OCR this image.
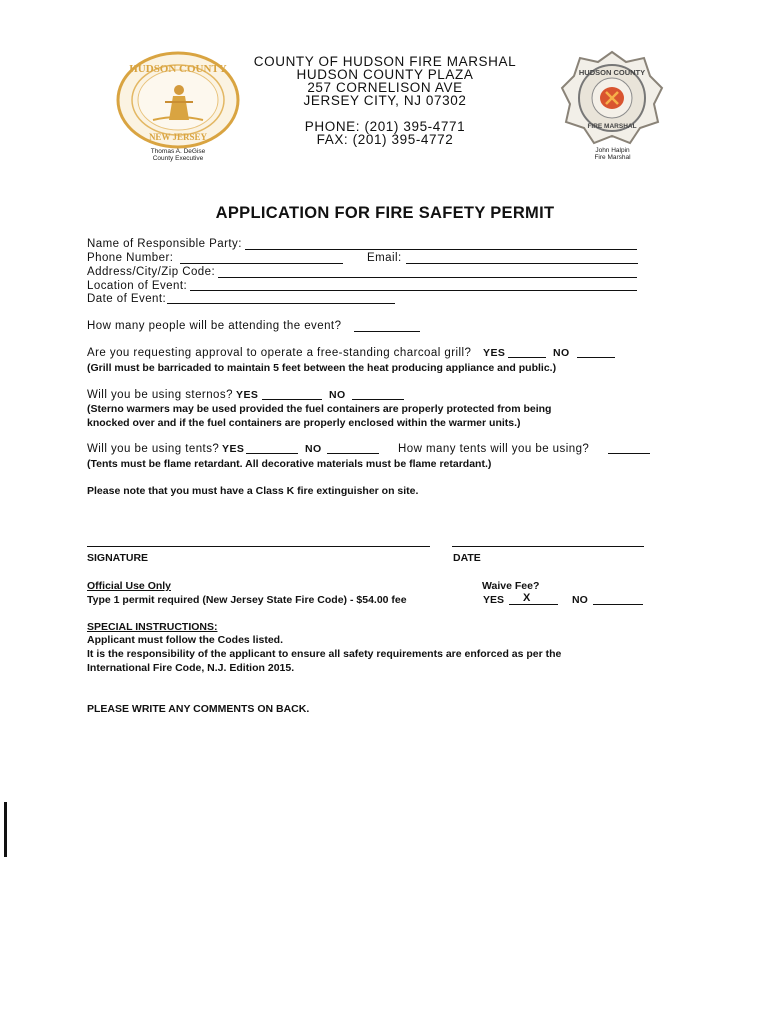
HUDSON COUNTY
NEW JERSEY
Thomas A. DeGise
County Executive
HUDSON COUNTY
FIRE MARSHAL
John Halpin
Fire Marshal
COUNTY OF HUDSON FIRE MARSHAL
HUDSON COUNTY PLAZA
257 CORNELISON AVE
JERSEY CITY, NJ 07302
PHONE: (201) 395-4771
FAX: (201) 395-4772
APPLICATION FOR FIRE SAFETY PERMIT
Name of Responsible Party:
Phone Number:	Email:
Address/City/Zip Code:
Location of Event:
Date of Event:
How many people will be attending the event?
Are you requesting approval to operate a free-standing charcoal grill? YES	NO
(Grill must be barricaded to maintain 5 feet between the heat producing appliance and public.)
Will you be using sternos? YES	NO
(Sterno warmers may be used provided the fuel containers are properly protected from being
knocked over and if the fuel containers are properly enclosed within the warmer units.)
Will you be using tents? YES	NO	How many tents will you be using?
(Tents must be flame retardant. All decorative materials must be flame retardant.)
Please note that you must have a Class K fire extinguisher on site.
SIGNATURE	DATE
Official Use Only
Type 1 permit required (New Jersey State Fire Code) - $54.00 fee
Waive Fee?
YES X	NO
SPECIAL INSTRUCTIONS:
Applicant must follow the Codes listed.
It is the responsibility of the applicant to ensure all safety requirements are enforced as per the
International Fire Code, N.J. Edition 2015.
PLEASE WRITE ANY COMMENTS ON BACK.
